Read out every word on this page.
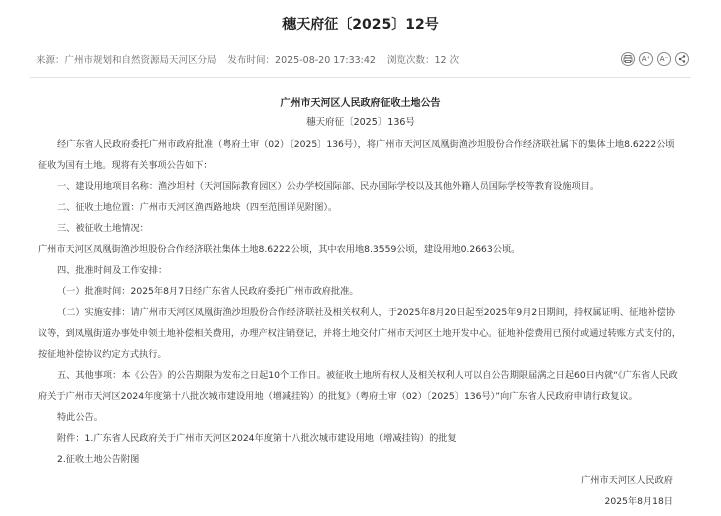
穗天府征〔2025〕12号
来源：广州市规划和自然资源局天河区分局 发布时间：2025-08-20 17:33:42 浏览次数：12 次	A⁺	A⁻
广州市天河区人民政府征收土地公告
穗天府征〔2025〕136号

经广东省人民政府委托广州市政府批准（粤府土审（02）〔2025〕136号），将广州市天河区凤凰街渔沙坦股份合作经济联社属下的集体土地8.6222公顷征收为国有土地。现将有关事项公告如下：

一、建设用地项目名称：渔沙坦村（天河国际教育园区）公办学校国际部、民办国际学校以及其他外籍人员国际学校等教育设施项目。

二、征收土地位置：广州市天河区渔西路地块（四至范围详见附图）。

三、被征收土地情况：

广州市天河区凤凰街渔沙坦股份合作经济联社集体土地8.6222公顷，其中农用地8.3559公顷，建设用地0.2663公顷。

四、批准时间及工作安排：

（一）批准时间：2025年8月7日经广东省人民政府委托广州市政府批准。

（二）实施安排：请广州市天河区凤凰街渔沙坦股份合作经济联社及相关权利人，于2025年8月20日起至2025年9月2日期间，持权属证明、征地补偿协议等，到凤凰街道办事处申领土地补偿相关费用，办理产权注销登记，并将土地交付广州市天河区土地开发中心。征地补偿费用已预付或通过转账方式支付的，按征地补偿协议约定方式执行。

五、其他事项：本《公告》的公告期限为发布之日起10个工作日。被征收土地所有权人及相关权利人可以自公告期限届满之日起60日内就“《广东省人民政府关于广州市天河区2024年度第十八批次城市建设用地（增减挂钩）的批复》（粤府土审（02）〔2025〕136号）”向广东省人民政府申请行政复议。

特此公告。

附件：1.广东省人民政府关于广州市天河区2024年度第十八批次城市建设用地（增减挂钩）的批复

2.征收土地公告附图

广州市天河区人民政府

2025年8月18日
